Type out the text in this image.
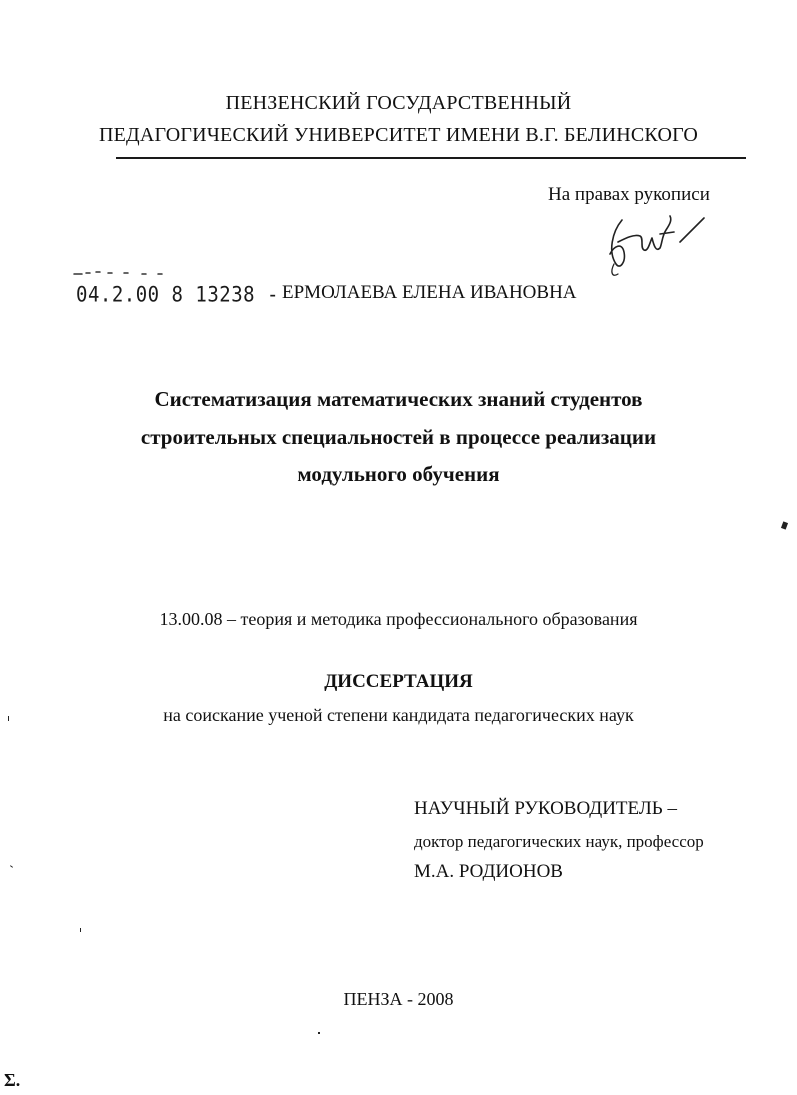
ПЕНЗЕНСКИЙ ГОСУДАРСТВЕННЫЙ
ПЕДАГОГИЧЕСКИЙ УНИВЕРСИТЕТ ИМЕНИ В.Г. БЕЛИНСКОГО
На правах рукописи
04.2.00 8 13238 - ЕРМОЛАЕВА ЕЛЕНА ИВАНОВНА
Систематизация математических знаний студентов
строительных специальностей в процессе реализации
модульного обучения
13.00.08 – теория и методика профессионального образования
ДИССЕРТАЦИЯ
на соискание ученой степени кандидата педагогических наук
НАУЧНЫЙ РУКОВОДИТЕЛЬ –
доктор педагогических наук, профессор
М.А. РОДИОНОВ
ПЕНЗА - 2008
Ʃ.
